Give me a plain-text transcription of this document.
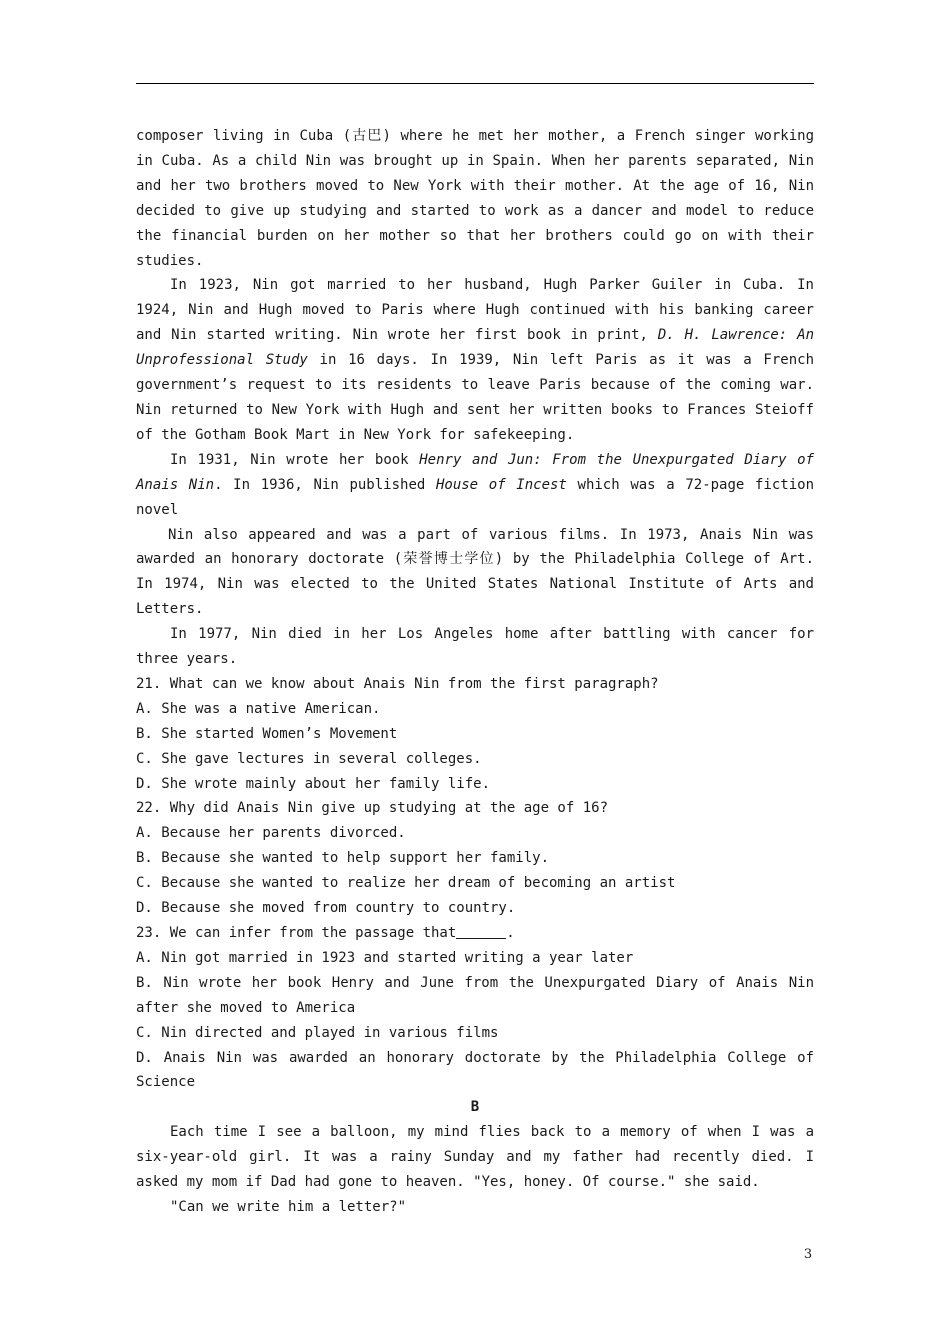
composer living in Cuba (古巴) where he met her mother, a French singer working in Cuba. As a child Nin was brought up in Spain. When her parents separated, Nin and her two brothers moved to New York with their mother. At the age of 16, Nin decided to give up studying and started to work as a dancer and model to reduce the financial burden on her mother so that her brothers could go on with their studies.

In 1923, Nin got married to her husband, Hugh Parker Guiler in Cuba. In 1924, Nin and Hugh moved to Paris where Hugh continued with his banking career and Nin started writing. Nin wrote her first book in print, D. H. Lawrence: An Unprofessional Study in 16 days. In 1939, Nin left Paris as it was a French government’s request to its residents to leave Paris because of the coming war. Nin returned to New York with Hugh and sent her written books to Frances Steioff of the Gotham Book Mart in New York for safekeeping.

In 1931, Nin wrote her book Henry and Jun: From the Unexpurgated Diary of Anais Nin. In 1936, Nin published House of Incest which was a 72-page fiction novel

Nin also appeared and was a part of various films. In 1973, Anais Nin was awarded an honorary doctorate (荣誉博士学位) by the Philadelphia College of Art. In 1974, Nin was elected to the United States National Institute of Arts and Letters.

In 1977, Nin died in her Los Angeles home after battling with cancer for three years.

21. What can we know about Anais Nin from the first paragraph?

A. She was a native American.

B. She started Women’s Movement

C. She gave lectures in several colleges.

D. She wrote mainly about her family life.

22. Why did Anais Nin give up studying at the age of 16?

A. Because her parents divorced.

B. Because she wanted to help support her family.

C. Because she wanted to realize her dream of becoming an artist

D. Because she moved from country to country.

23. We can infer from the passage that	.

A. Nin got married in 1923 and started writing a year later

B. Nin wrote her book Henry and June from the Unexpurgated Diary of Anais Nin after she moved to America

C. Nin directed and played in various films

D. Anais Nin was awarded an honorary doctorate by the Philadelphia College of Science

B

Each time I see a balloon, my mind flies back to a memory of when I was a six-year-old girl. It was a rainy Sunday and my father had recently died. I asked my mom if Dad had gone to heaven. "Yes, honey. Of course." she said.

"Can we write him a letter?"

3
